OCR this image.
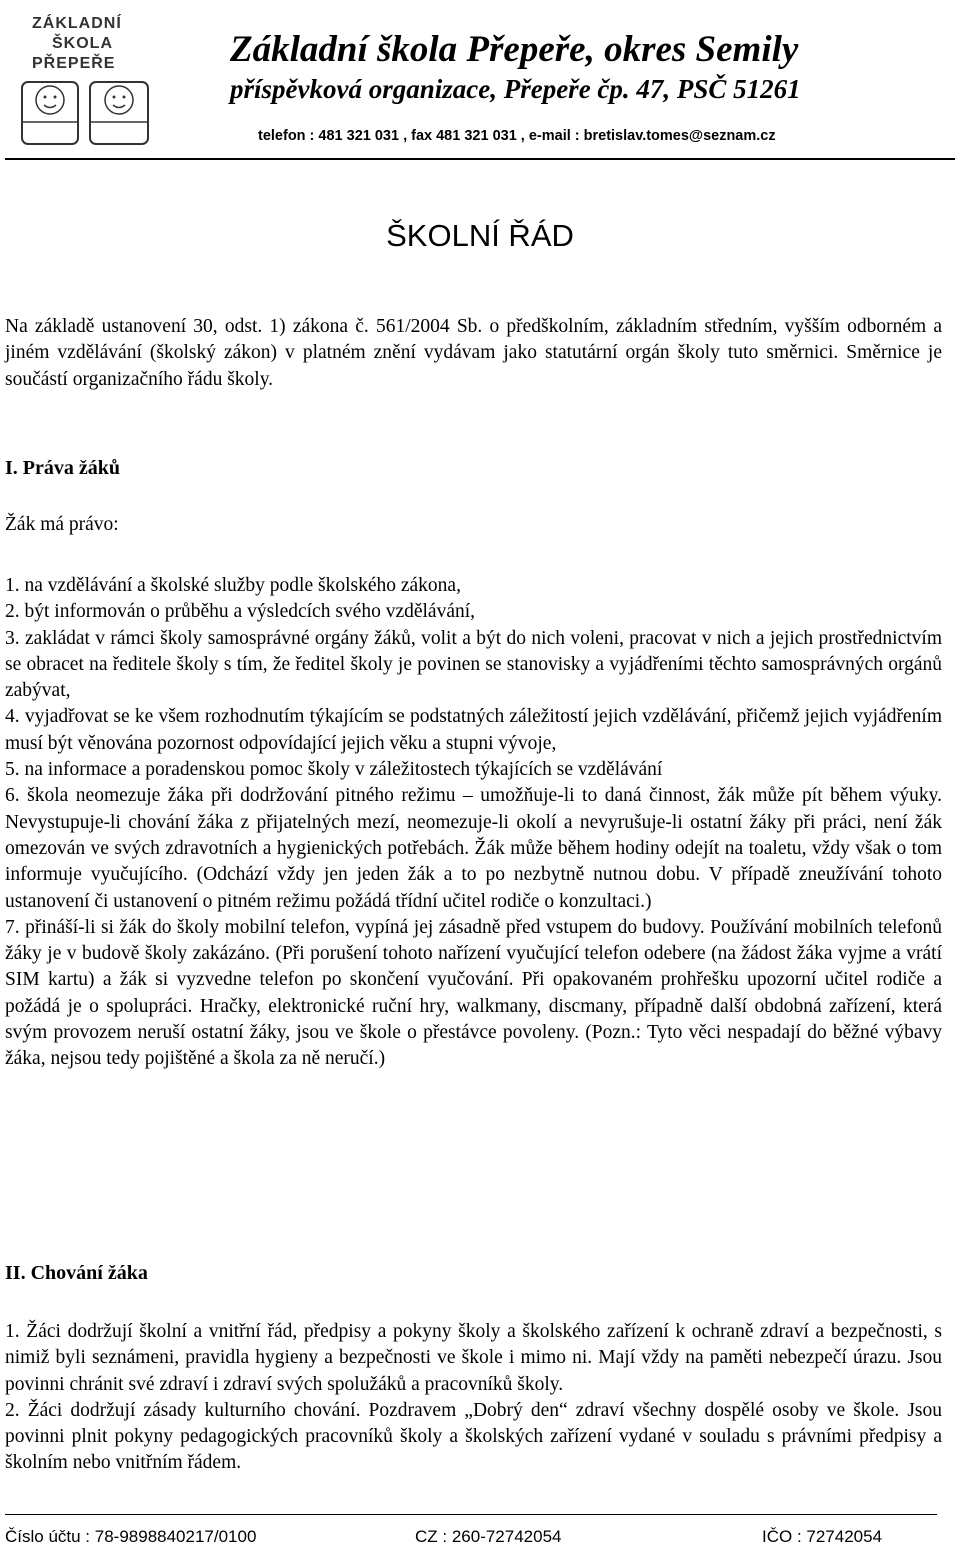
ZÁKLADNÍ
ŠKOLA
PŘEPEŘE	Základní škola Přepeře, okres Semily
příspěvková organizace, Přepeře čp. 47, PSČ 51261
telefon : 481 321 031 , fax 481 321 031 , e-mail : bretislav.tomes@seznam.cz
ŠKOLNÍ ŘÁD
Na základě ustanovení 30, odst. 1) zákona č. 561/2004 Sb. o předškolním, základním středním, vyšším odborném a jiném vzdělávání (školský zákon) v platném znění vydávam jako statutární orgán školy tuto směrnici. Směrnice je součástí organizačního řádu školy.
I. Práva žáků
Žák má právo:

1. na vzdělávání a školské služby podle školského zákona,

2. být informován o průběhu a výsledcích svého vzdělávání,

3. zakládat v rámci školy samosprávné orgány žáků, volit a být do nich voleni, pracovat v nich a jejich prostřednictvím se obracet na ředitele školy s tím, že ředitel školy je povinen se stanovisky a vyjádřeními těchto samosprávných orgánů zabývat,

4. vyjadřovat se ke všem rozhodnutím týkajícím se podstatných záležitostí jejich vzdělávání, přičemž jejich vyjádřením musí být věnována pozornost odpovídající jejich věku a stupni vývoje,

5. na informace a poradenskou pomoc školy v záležitostech týkajících se vzdělávání

6. škola neomezuje žáka při dodržování pitného režimu – umožňuje-li to daná činnost, žák může pít během výuky. Nevystupuje-li chování žáka z přijatelných mezí, neomezuje-li okolí a nevyrušuje-li ostatní žáky při práci, není žák omezován ve svých zdravotních a hygienických potřebách. Žák může během hodiny odejít na toaletu, vždy však o tom informuje vyučujícího. (Odchází vždy jen jeden žák a to po nezbytně nutnou dobu. V případě zneužívání tohoto ustanovení či ustanovení o pitném režimu požádá třídní učitel rodiče o konzultaci.)

7. přináší-li si žák do školy mobilní telefon, vypíná jej zásadně před vstupem do budovy. Používání mobilních telefonů žáky je v budově školy zakázáno. (Při porušení tohoto nařízení vyučující telefon odebere (na žádost žáka vyjme a vrátí SIM kartu) a žák si vyzvedne telefon po skončení vyučování. Při opakovaném prohřešku upozorní učitel rodiče a požádá je o spolupráci. Hračky, elektronické ruční hry, walkmany, discmany, případně další obdobná zařízení, která svým provozem neruší ostatní žáky, jsou ve škole o přestávce povoleny. (Pozn.: Tyto věci nespadají do běžné výbavy žáka, nejsou tedy pojištěné a škola za ně neručí.)

II. Chování žáka

1. Žáci dodržují školní a vnitřní řád, předpisy a pokyny školy a školského zařízení k ochraně zdraví a bezpečnosti, s nimiž byli seznámeni, pravidla hygieny a bezpečnosti ve škole i mimo ni. Mají vždy na paměti nebezpečí úrazu. Jsou povinni chránit své zdraví i zdraví svých spolužáků a pracovníků školy.

2. Žáci dodržují zásady kulturního chování. Pozdravem „Dobrý den“ zdraví všechny dospělé osoby ve škole. Jsou povinni plnit pokyny pedagogických pracovníků školy a školských zařízení vydané v souladu s právními předpisy a školním nebo vnitřním řádem.

Číslo účtu : 78-9898840217/0100	CZ : 260-72742054	IČO : 72742054
